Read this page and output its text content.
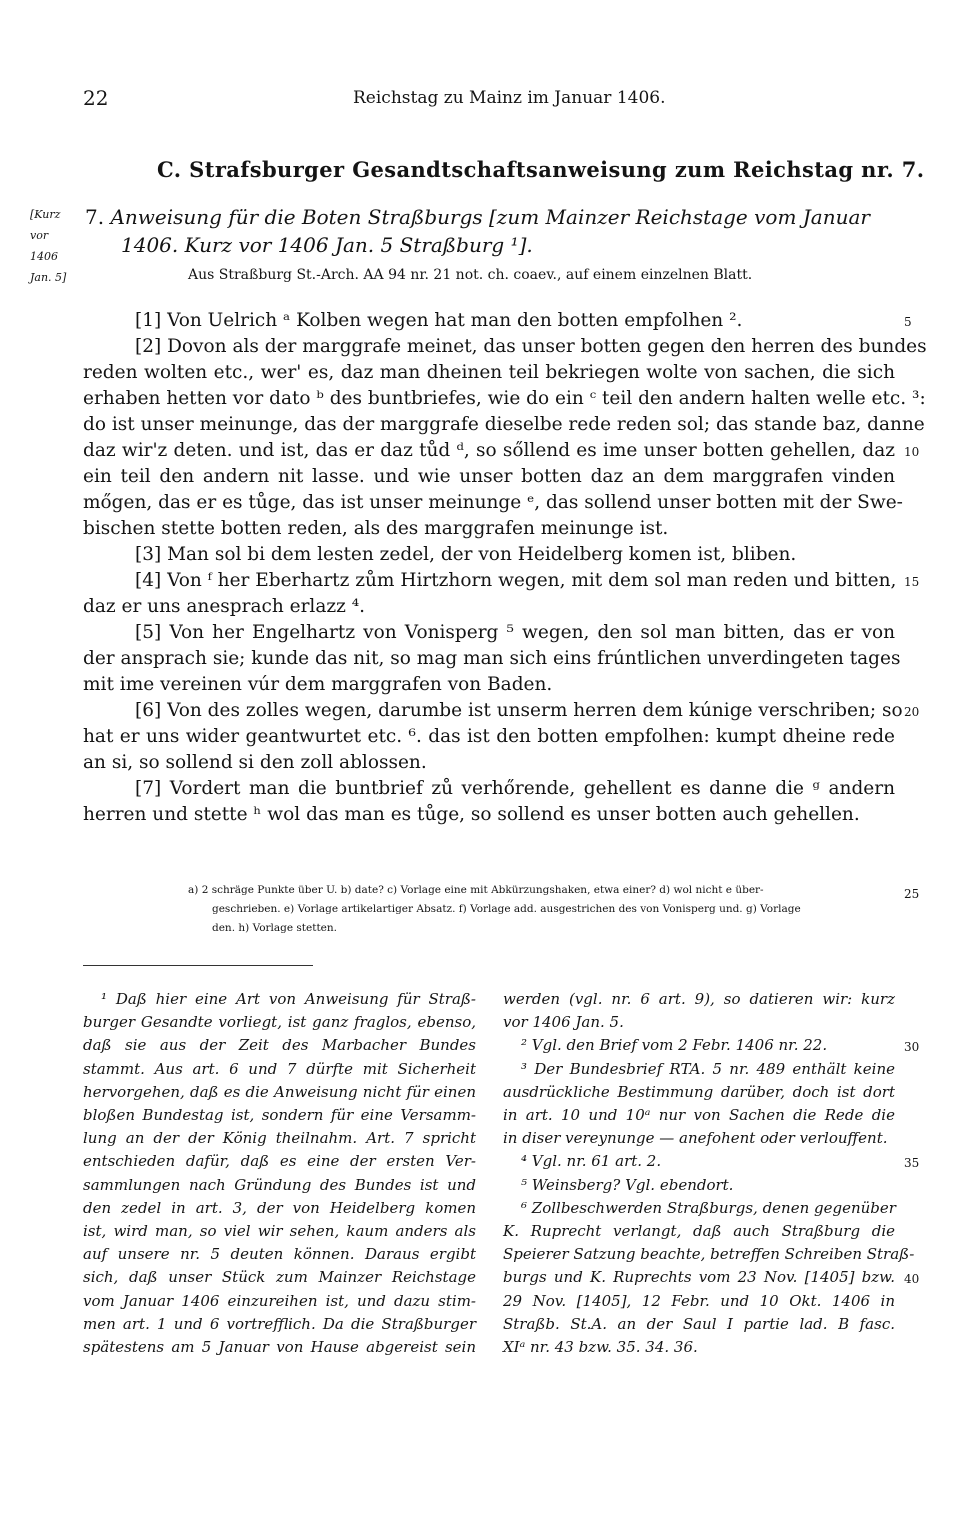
22	Reichstag zu Mainz im Januar 1406.
C. Strafsburger Gesandtschaftsanweisung zum Reichstag nr. 7.
[Kurz
vor
1406
Jan. 5]
7. Anweisung für die Boten Straßburgs [zum Mainzer Reichstage vom Januar
1406. Kurz vor 1406 Jan. 5 Straßburg ¹].
Aus Straßburg St.-Arch. AA 94 nr. 21 not. ch. coaev., auf einem einzelnen Blatt.
[1] Von Uelrich ᵃ Kolben wegen hat man den botten empfolhen ².
[2] Dovon als der marggrafe meinet, das unser botten gegen den herren des bundes
reden wolten etc., wer' es, daz man dheinen teil bekriegen wolte von sachen, die sich
erhaben hetten vor dato ᵇ des buntbriefes, wie do ein ᶜ teil den andern halten welle etc. ³:
do ist unser meinunge, das der marggrafe dieselbe rede reden sol; das stande baz, danne
daz wir'z deten. und ist, das er daz tůd ᵈ, so sőllend es ime unser botten gehellen, daz
ein teil den andern nit lasse. und wie unser botten daz an dem marggrafen vinden
mőgen, das er es tůge, das ist unser meinunge ᵉ, das sollend unser botten mit der Swe-
bischen stette botten reden, als des marggrafen meinunge ist.
[3] Man sol bi dem lesten zedel, der von Heidelberg komen ist, bliben.
[4] Von ᶠ her Eberhartz zům Hirtzhorn wegen, mit dem sol man reden und bitten,
daz er uns anesprach erlazz ⁴.
[5] Von her Engelhartz von Vonisperg ⁵ wegen, den sol man bitten, das er von
der ansprach sie; kunde das nit, so mag man sich eins frúntlichen unverdingeten tages
mit ime vereinen vúr dem marggrafen von Baden.
[6] Von des zolles wegen, darumbe ist unserm herren dem kúnige verschriben; so
hat er uns wider geantwurtet etc. ⁶. das ist den botten empfolhen: kumpt dheine rede
an si, so sollend si den zoll ablossen.
[7] Vordert man die buntbrief zů verhőrende, gehellent es danne die ᵍ andern
herren und stette ʰ wol das man es tůge, so sollend es unser botten auch gehellen.
a) 2 schräge Punkte über U. b) date? c) Vorlage eine mit Abkürzungshaken, etwa einer? d) wol nicht e über-
geschrieben. e) Vorlage artikelartiger Absatz. f) Vorlage add. ausgestrichen des von Vonisperg und. g) Vorlage
den. h) Vorlage stetten.
25
¹ Daß hier eine Art von Anweisung für Straß-
burger Gesandte vorliegt, ist ganz fraglos, ebenso,
daß sie aus der Zeit des Marbacher Bundes
stammt. Aus art. 6 und 7 dürfte mit Sicherheit
hervorgehen, daß es die Anweisung nicht für einen
bloßen Bundestag ist, sondern für eine Versamm-
lung an der der König theilnahm. Art. 7 spricht
entschieden dafür, daß es eine der ersten Ver-
sammlungen nach Gründung des Bundes ist und
den zedel in art. 3, der von Heidelberg komen
ist, wird man, so viel wir sehen, kaum anders als
auf unsere nr. 5 deuten können. Daraus ergibt
sich, daß unser Stück zum Mainzer Reichstage
vom Januar 1406 einzureihen ist, und dazu stim-
men art. 1 und 6 vortrefflich. Da die Straßburger
spätestens am 5 Januar von Hause abgereist sein
werden (vgl. nr. 6 art. 9), so datieren wir: kurz
vor 1406 Jan. 5.
² Vgl. den Brief vom 2 Febr. 1406 nr. 22.
³ Der Bundesbrief RTA. 5 nr. 489 enthält keine
ausdrückliche Bestimmung darüber, doch ist dort
in art. 10 und 10ᵃ nur von Sachen die Rede die
in diser vereynunge — anefohent oder verlouffent.
⁴ Vgl. nr. 61 art. 2.
⁵ Weinsberg? Vgl. ebendort.
⁶ Zollbeschwerden Straßburgs, denen gegenüber
K. Ruprecht verlangt, daß auch Straßburg die
Speierer Satzung beachte, betreffen Schreiben Straß-
burgs und K. Ruprechts vom 23 Nov. [1405] bzw.
29 Nov. [1405], 12 Febr. und 10 Okt. 1406 in
Straßb. St.A. an der Saul I partie lad. B fasc.
XIᵃ nr. 43 bzw. 35. 34. 36.
5
10
15
20
30
35
40
